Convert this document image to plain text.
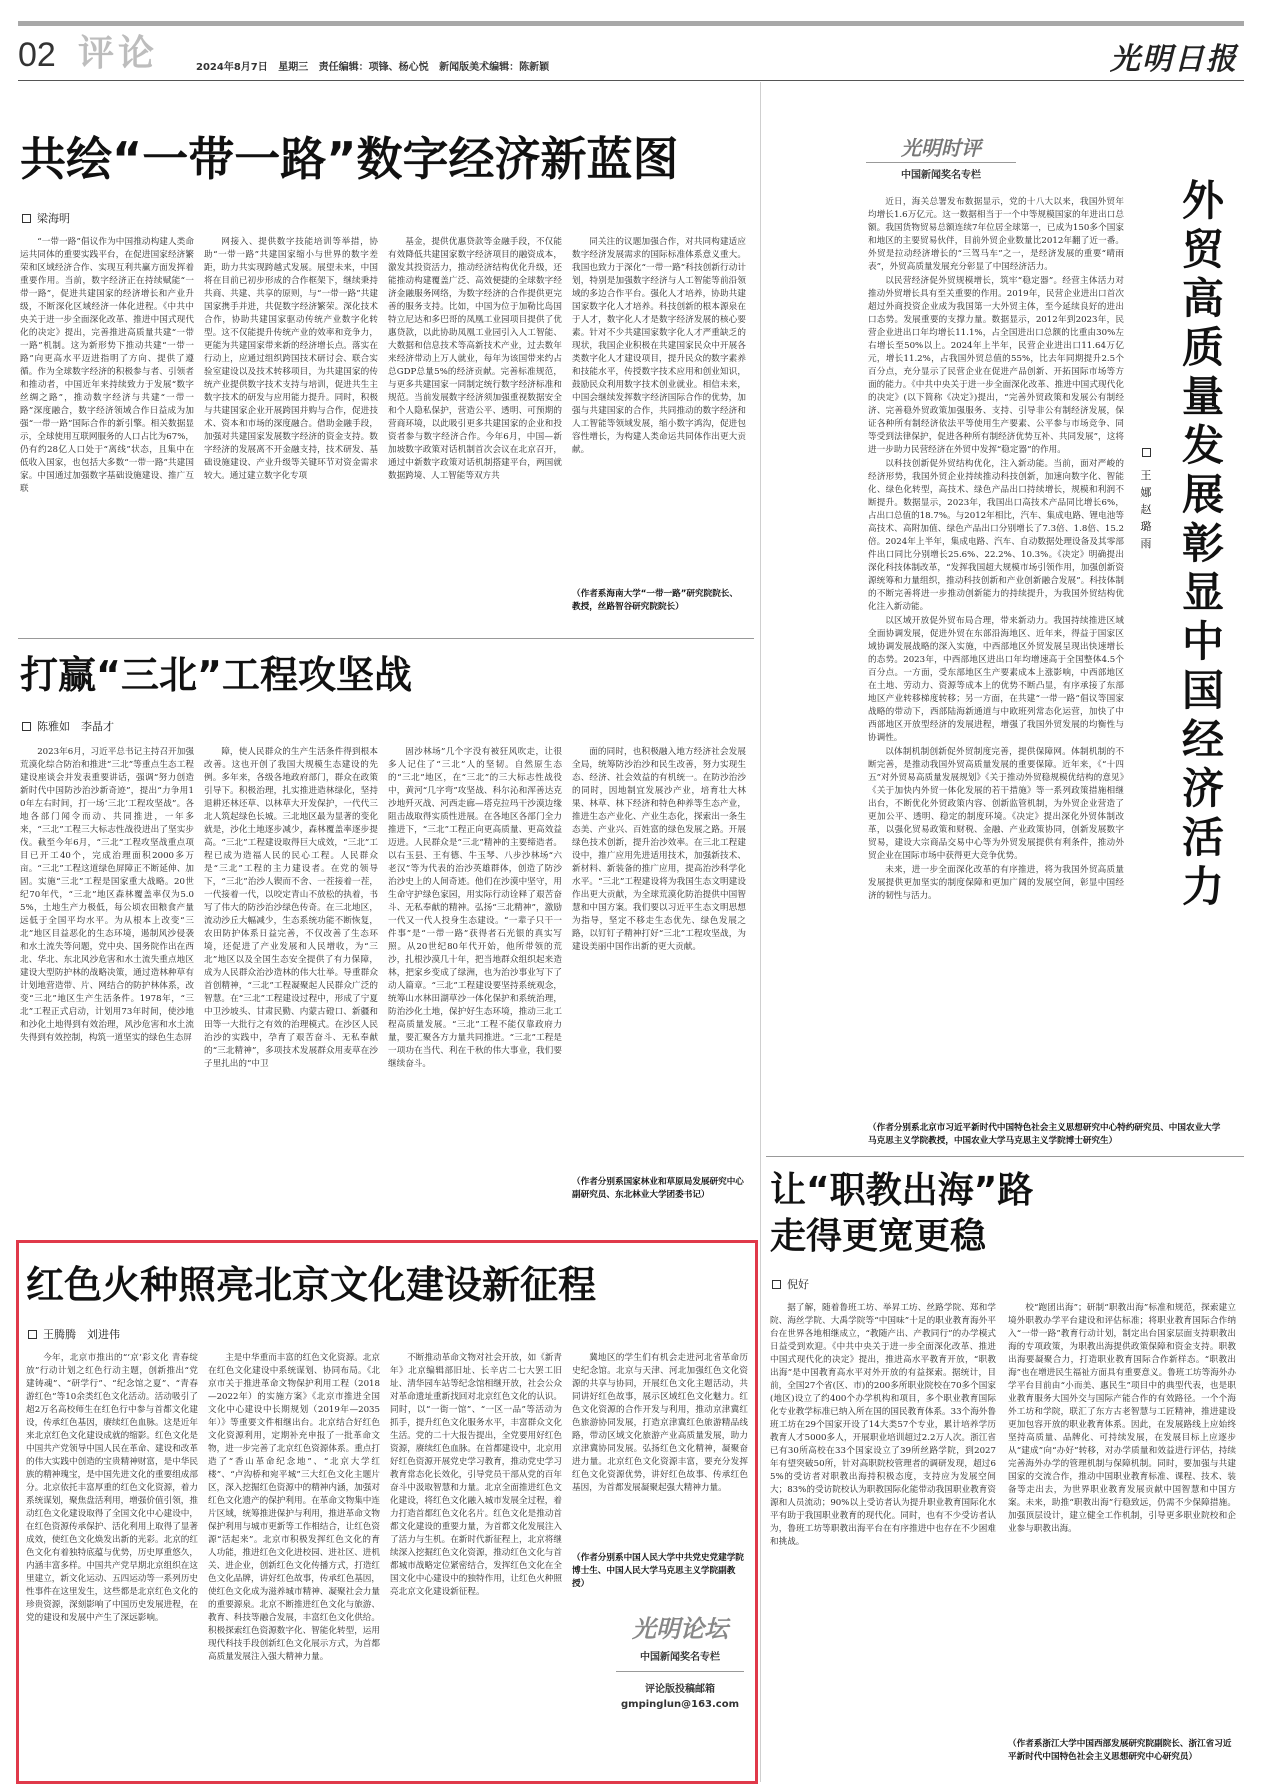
02 评论	2024年8月7日 星期三 责任编辑：项锋、杨心悦 新闻版美术编辑：陈新颖	光明日报
共绘“一带一路”数字经济新蓝图
梁海明

“一带一路”倡议作为中国推动构建人类命运共同体的重要实践平台，在促进国家经济繁荣和区域经济合作、实现互利共赢方面发挥着重要作用。当前，数字经济正在持续赋能“一带一路”，促进共建国家的经济增长和产业升级，不断深化区域经济一体化进程。《中共中央关于进一步全面深化改革、推进中国式现代化的决定》提出，完善推进高质量共建“一带一路”机制。这为新形势下推动共建“一带一路”向更高水平迈进指明了方向、提供了遵循。作为全球数字经济的积极参与者、引领者和推动者，中国近年来持续致力于发展“数字丝绸之路”，推动数字经济与共建“一带一路”深度融合，数字经济领域合作日益成为加强“一带一路”国际合作的新引擎。相关数据显示，全球使用互联网服务的人口占比为67%，仍有约28亿人口处于“离线”状态，且集中在低收入国家，也包括大多数“一带一路”共建国家。中国通过加强数字基础设施建设、推广互联

网接入、提供数字技能培训等举措，协助“一带一路”共建国家缩小与世界的数字差距，助力共实现跨越式发展。展望未来，中国将在目前已初步形成的合作框架下，继续秉持共商、共建、共享的原则，与“一带一路”共建国家携手并进，共促数字经济繁荣。深化技术合作，协助共建国家驱动传统产业数字化转型。这不仅能提升传统产业的效率和竞争力，更能为共建国家带来新的经济增长点。落实在行动上，应通过组织跨国技术研讨会、联合实验室建设以及技术转移项目，为共建国家的传统产业提供数字技术支持与培训，促进共生主数字技术的研发与应用能力提升。同时，积极与共建国家企业开展跨国并购与合作，促进技术、资本和市场的深度融合。借助金融手段，加强对共建国家发展数字经济的资金支持。数字经济的发展离不开金融支持，技术研发、基础设施建设、产业升级等关键环节对资金需求较大。通过建立数字化专项

基金，提供优惠贷款等金融手段，不仅能有效降低共建国家数字经济项目的融资成本，激发其投资活力，推动经济结构优化升级，还能推动构建覆盖广泛、高效便捷的全球数字经济金融服务网络，为数字经济的合作提供更完善的服务支持。比如，中国为位于加勒比岛国特立尼达和多巴哥的凤凰工业园项目提供了优惠贷款，以此协助凤凰工业园引入人工智能、大数据和信息技术等高新技术产业，过去数年来经济带动上万人就业，每年为该国带来约占总GDP总量5%的经济贡献。完善标准规范，与更多共建国家一同制定统行数字经济标准和规范。当前发展数字经济须加强重视数据安全和个人隐私保护，营造公平、透明、可预期的营商环境，以此吸引更多共建国家的企业和投资者参与数字经济合作。今年6月，中国—新加坡数字政策对话机制首次会议在北京召开，通过中新数字政策对话机制搭建平台，两国就数据跨境、人工智能等双方共

同关注的议题加强合作，对共同构建适应数字经济发展需求的国际标准体系意义重大。我国也致力于深化“一带一路”科技创新行动计划，特别是加强数字经济与人工智能等前沿领域的多边合作平台。强化人才培养，协助共建国家数字化人才培养。科技创新的根本源泉在于人才，数字化人才是数字经济发展的核心要素。针对不少共建国家数字化人才严重缺乏的现状，我国企业积极在共建国家民众中开展各类数字化人才建设项目，提升民众的数字素养和技能水平，传授数字技术应用和创业知识，鼓励民众利用数字技术创业就业。相信未来，中国会继续发挥数字经济国际合作的优势，加强与共建国家的合作，共同推动的数字经济和人工智能等领域发展，缩小数字鸿沟，促进包容性增长，为构建人类命运共同体作出更大贡献。

（作者系海南大学“一带一路”研究院院长、教授，丝路智谷研究院院长）
打赢“三北”工程攻坚战
陈雅如　李晶才

2023年6月，习近平总书记主持召开加强荒漠化综合防治和推进“三北”等重点生态工程建设座谈会并发表重要讲话，强调“努力创造新时代中国防沙治沙新奇迹”，提出“力争用10年左右时间，打一场‘三北’工程攻坚战”。各地各部门闻令而动、共同推进，一年多来，“三北”工程三大标志性战役进出了坚实步伐。截至今年6月，“三北”工程攻坚战重点项目已开工40个，完成治理面积2000多万亩。“三北”工程这道绿色屏障正不断延伸、加固。实施“三北”工程是国家重大战略。20世纪70年代，“三北”地区森林覆盖率仅为5.05%，土地生产力极低，每公顷农田粮食产量远低于全国平均水平。为从根本上改变“三北”地区目益恶化的生态环境，遏制风沙侵袭和水土流失等问题，党中央、国务院作出在西北、华北、东北风沙危害和水土流失重点地区建设大型防护林的战略决策，通过造林种草有计划地营造带、片、网结合的防护林体系，改变“三北”地区生产生活条件。1978年，“三北”工程正式启动，计划用73年时间，使沙地和沙化土地得到有效治理，风沙危害和水土流失得到有效控制，构筑一道坚实的绿色生态屏

障，使人民群众的生产生活条件得到根本改善。这也开创了我国大规模生态建设的先例。多年来，各级各地政府部门，群众在政策引导下。积极治理，扎实推进造林绿化，坚持退耕还林还草、以林草大开发保护，一代代三北人筑起绿色长城。三北地区最为显著的变化就是，沙化土地逐步减少，森林覆盖率逐步提高。“三北”工程建设取得巨大成效，“三北”工程已成为造福人民的民心工程。人民群众是“三北”工程的主力建设者。在党的领导下，“三北”治沙人锲而不舍、一茬接着一茬，一代接着一代，以咬定青山不放松的执着，书写了伟大的防沙治沙绿色传奇。在三北地区，流动沙丘大幅减少，生态系统功能不断恢复，农田防护体系日益完善，不仅改善了生态环境，还促进了产业发展和人民增收，为“三北”地区以及全国生态安全提供了有力保障，成为人民群众治沙造林的伟大壮举。导重群众首创精神，“三北”工程凝聚起人民群众广泛的智慧。在“三北”工程建设过程中，形成了宁夏中卫沙坡头、甘肃民勤、内蒙古磴口、新疆和田等一大批行之有效的治理模式。在沙区人民治沙的实践中，孕育了艰苦奋斗、无私奉献的“三北精神”，多项技术发展群众用麦草在沙子里扎出的“中卫

固沙林场”几个字没有被狂风吹走，让很多人记住了“三北”人的坚韧。自然原生态的“三北”地区，在“三北”的三大标志性战役中，黄河“几字弯”攻坚战、科尔沁和浑善达克沙地歼灭战、河西走廊—塔克拉玛干沙漠边缘阻击战取得实质性进展。在各地区各部门全力推进下，“三北”工程正向更高质量、更高效益迈进。人民群众是“三北”精神的主要缔造者。以右玉县、王有德、牛玉琴、八步沙林场“六老汉”等为代表的治沙英雄群体，创造了防沙治沙史上的人间奇迹。他们在沙漠中坚守，用生命守护绿色家园，用实际行动诠释了艰苦奋斗、无私奉献的精神。弘扬“三北精神”，激励一代又一代人投身生态建设。“一辈子只干一件事”是“一带一路”获得者石光银的真实写照。从20世纪80年代开始，他所带领的荒沙，扎根沙漠几十年，把当地群众组织起来造林，把家乡变成了绿洲，也为治沙事业写下了动人篇章。“三北”工程建设要坚持系统观念，统筹山水林田湖草沙一体化保护和系统治理，防治沙化土地，保护好生态环境，推动三北工程高质量发展。“三北”工程不能仅靠政府力量，要汇聚各方力量共同推进。“三北”工程是一项功在当代、利在千秋的伟大事业，我们要继续奋斗。

面的同时，也积极融入地方经济社会发展全局，统筹防沙治沙和民生改善，努力实现生态、经济、社会效益的有机统一。在防沙治沙的同时，因地制宜发展沙产业，培育壮大林果、林草、林下经济和特色种养等生态产业，推进生态产业化、产业生态化，探索出一条生态美、产业兴、百姓富的绿色发展之路。开展绿色技术创新，提升治沙效率。在三北工程建设中，推广应用先进适用技术，加强新技术、新材料、新装备的推广应用，提高治沙科学化水平。“三北”工程建设将为我国生态文明建设作出更大贡献，为全球荒漠化防治提供中国智慧和中国方案。我们要以习近平生态文明思想为指导，坚定不移走生态优先、绿色发展之路，以钉钉子精神打好“三北”工程攻坚战，为建设美丽中国作出新的更大贡献。

（作者分别系国家林业和草原局发展研究中心副研究员、东北林业大学团委书记）
红色火种照亮北京文化建设新征程
王腾腾　刘进伟

今年，北京市推出的“‘京’彩文化 青春绽放”行动计划之红色行动主题，创新推出“党建铸魂”、“研学行”、“纪念馆之夏”、“青春游红色”等10余类红色文化活动。活动吸引了超2万名高校师生在红色行中参与首都文化建设，传承红色基因，赓续红色血脉。这是近年来北京红色文化建设成就的缩影。红色文化是中国共产党领导中国人民在革命、建设和改革的伟大实践中创造的宝贵精神财富，是中华民族的精神瑰宝，是中国先进文化的重要组成部分。北京依托丰富厚重的红色文化资源，着力系统谋划，聚焦盘活利用，增强价值引领，推动红色文化建设取得了全国文化中心建设中，在红色资源传承保护、活化利用上取得了显著成效，使红色文化焕发出新的光彩。北京的红色文化有着独特底蕴与优势，历史厚重悠久，内涵丰富多样。中国共产党早期北京组织在这里建立，新文化运动、五四运动等一系列历史性事件在这里发生，这些都是北京红色文化的珍贵资源，深刻影响了中国历史发展进程，在党的建设和发展中产生了深远影响。

主是中华重而丰富的红色文化资源。北京在红色文化建设中系统谋划、协同布局。《北京市关于推进革命文物保护利用工程（2018—2022年）的实施方案》《北京市推进全国文化中心建设中长期规划（2019年—2035年）》等重要文件相继出台。北京结合好红色文化资源利用，定期补充申报了一批革命文物，进一步完善了北京红色资源体系。重点打造了“香山革命纪念地”、“北京大学红楼”、“卢沟桥和宛平城”三大红色文化主题片区，深入挖掘红色资源中的精神内涵，加强对红色文化遗产的保护利用。在革命文物集中连片区域，统筹推进保护与利用，推进革命文物保护利用与城市更新等工作相结合，让红色资源“活起来”。北京市积极发挥红色文化的育人功能，推进红色文化进校园、进社区、进机关、进企业，创新红色文化传播方式，打造红色文化品牌，讲好红色故事，传承红色基因，使红色文化成为滋养城市精神、凝聚社会力量的重要源泉。北京不断推进红色文化与旅游、教育、科技等融合发展，丰富红色文化供给。积极探索红色资源数字化、智能化转型，运用现代科技手段创新红色文化展示方式，为首都高质量发展注入强大精神力量。

不断推动革命文物对社会开放，如《新青年》北京编辑部旧址、长辛店二七大罢工旧址、清华园车站等纪念馆相继开放，社会公众对革命遗址重新找回对北京红色文化的认识。同时，以“一街一馆”、“一区一品”等活动为抓手，提升红色文化服务水平，丰富群众文化生活。党的二十大报告提出，全党要用好红色资源，赓续红色血脉。在首都建设中，北京用好红色资源开展党史学习教育，推动党史学习教育常态化长效化，引导党员干部从党的百年奋斗中汲取智慧和力量。北京全面推进红色文化建设，将红色文化融入城市发展全过程，着力打造首都红色文化名片。红色文化是推动首都文化建设的重要力量，为首都文化发展注入了活力与生机。在新时代新征程上，北京将继续深入挖掘红色文化资源，推动红色文化与首都城市战略定位紧密结合，发挥红色文化在全国文化中心建设中的独特作用，让红色火种照亮北京文化建设新征程。

冀地区的学生们有机会走进河北省革命历史纪念馆。北京与天津、河北加强红色文化资源的共享与协同，开展红色文化主题活动，共同讲好红色故事，展示区域红色文化魅力。红色文化资源的合作开发与利用，推动京津冀红色旅游协同发展，打造京津冀红色旅游精品线路，带动区域文化旅游产业高质量发展，助力京津冀协同发展。弘扬红色文化精神，凝聚奋进力量。北京红色文化资源丰富，要充分发挥红色文化资源优势，讲好红色故事、传承红色基因，为首都发展凝聚起强大精神力量。

（作者分别系中国人民大学中共党史党建学院博士生、中国人民大学马克思主义学院副教授）
光明论坛
中国新闻奖名专栏
评论版投稿邮箱
gmpinglun@163.com
光明时评
中国新闻奖名专栏
外贸高质量发展彰显中国经济活力
王娜　赵璐雨

近日，海关总署发布数据显示，党的十八大以来，我国外贸年均增长1.6万亿元。这一数据相当于一个中等规模国家的年进出口总额。我国货物贸易总额连续7年位居全球第一，已成为150多个国家和地区的主要贸易伙伴，目前外贸企业数量比2012年翻了近一番。外贸是拉动经济增长的“三驾马车”之一，是经济发展的重要“晴雨表”，外贸高质量发展充分彰显了中国经济活力。

以民营经济促外贸规模增长，筑牢“稳定器”。经营主体活力对推动外贸增长具有至关重要的作用。2019年，民营企业进出口首次超过外商投资企业成为我国第一大外贸主体，至今延续良好的进出口态势。发展重要的支撑力量。数据显示，2012年到2023年，民营企业进出口年均增长11.1%，占全国进出口总额的比重由30%左右增长至50%以上。2024年上半年，民营企业进出口11.64万亿元，增长11.2%，占我国外贸总值的55%，比去年同期提升2.5个百分点，充分显示了民营企业在促进产品创新、开拓国际市场等方面的能力。《中共中央关于进一步全面深化改革、推进中国式现代化的决定》(以下简称《决定》)提出，“完善外贸政策和发展公有制经济、完善稳外贸政策加强服务、支持、引导非公有制经济发展，保证各种所有制经济依法平等使用生产要素、公平参与市场竞争、同等受到法律保护，促进各种所有制经济优势互补、共同发展”，这将进一步助力民营经济在外贸中发挥“稳定器”的作用。

以科技创新促外贸结构优化，注入新动能。当前，面对严峻的经济形势，我国外贸企业持续推动科技创新，加速向数字化、智能化、绿色化转型，高技术、绿色产品出口持续增长，规模和利润不断提升。数据显示，2023年，我国出口高技术产品同比增长6%，占出口总值的18.7%。与2012年相比，汽车、集成电路、锂电池等高技术、高附加值、绿色产品出口分别增长了7.3倍、1.8倍、15.2倍。2024年上半年，集成电路、汽车、自动数据处理设备及其零部件出口同比分别增长25.6%、22.2%、10.3%。《决定》明确提出深化科技体制改革，“发挥我国超大规模市场引领作用，加强创新资源统筹和力量组织，推动科技创新和产业创新融合发展”。科技体制的不断完善将进一步推动创新能力的持续提升，为我国外贸结构优化注入新动能。

以区域开放促外贸布局合理，带来新动力。我国持续推进区域全面协调发展，促进外贸在东部沿海地区、近年来，得益于国家区域协调发展战略的深入实施，中西部地区外贸发展呈现出快速增长的态势。2023年，中西部地区进出口年均增速高于全国整体4.5个百分点。一方面，受东部地区生产要素成本上涨影响，中西部地区在土地、劳动力、资源等成本上的优势不断凸显，有序承接了东部地区产业转移梯度转移；另一方面，在共建“一带一路”倡议等国家战略的带动下，西部陆海新通道与中欧班列常态化运营，加快了中西部地区开放型经济的发展进程，增强了我国外贸发展的均衡性与协调性。

以体制机制创新促外贸制度完善，提供保障网。体制机制的不断完善，是推动我国外贸高质量发展的重要保障。近年来，《“十四五”对外贸易高质量发展规划》《关于推动外贸稳规模优结构的意见》《关于加快内外贸一体化发展的若干措施》等一系列政策措施相继出台，不断优化外贸政策内容、创新监管机制，为外贸企业营造了更加公平、透明、稳定的制度环境。《决定》提出深化外贸体制改革，以强化贸易政策和财税、金融、产业政策协同，创新发展数字贸易，建设大宗商品交易中心等为外贸发展提供有利条件，推动外贸企业在国际市场中获得更大竞争优势。

未来，进一步全面深化改革的有序推进，将为我国外贸高质量发展提供更加坚实的制度保障和更加广阔的发展空间，彰显中国经济的韧性与活力。

（作者分别系北京市习近平新时代中国特色社会主义思想研究中心特约研究员、中国农业大学马克思主义学院教授，中国农业大学马克思主义学院博士研究生）
让“职教出海”路
走得更宽更稳
倪好

据了解，随着鲁班工坊、举昇工坊、丝路学院、郑和学院、海丝学院、大禹学院等“中国味”十足的职业教育海外平台在世界各地相继成立，“教随产出、产教同行”的办学模式日益受到欢迎。《中共中央关于进一步全面深化改革、推进中国式现代化的决定》提出，推进高水平教育开放，“职教出海”是中国教育高水平对外开放的有益探索。据统计，目前，全国27个省(区、市)的200多所职业院校在70多个国家(地区)设立了约400个办学机构和项目，多个职业教育国际化专业教学标准已纳入所在国的国民教育体系。33个海外鲁班工坊在29个国家开设了14大类57个专业，累计培养学历教育人才5000多人，开展职业培训超过2.2万人次。浙江省已有30所高校在33个国家设立了39所丝路学院，到2027年有望突破50所，针对高职院校管理者的调研发现，超过65%的受访者对职教出海持积极态度，支持应为发展空间大；83%的受访院校认为职教国际化能带动我国职业教育资源和人员流动；90%以上受访者认为提升职业教育国际化水平有助于我国职业教育的现代化。同时，也有不少受访者认为，鲁班工坊等职教出海平台在有序推进中也存在不少困难和挑战。

校“跑团出海”；研制“职教出海”标准和规范，探索建立境外职教办学平台建设和评估标准；将职业教育国际合作纳入“一带一路”教育行动计划，制定出台国家层面支持职教出海的专项政策，为职教出海提供政策保障和资金支持。职教出海要凝聚合力，打造职业教育国际合作新样态。“职教出海”也在增进民生福祉方面具有重要意义。鲁班工坊等海外办学平台目前由“小而美、惠民生”项目中的典型代表，也是职业教育服务大国外交与国际产能合作的有效路径。一个个海外工坊和学院，联汇了东方古老智慧与工匠精神，推进建设更加包容开放的职业教育体系。因此，在发展路线上应始终坚持高质量、品牌化、可持续发展，在发展目标上应逐步从“建成”向“办好”转移，对办学质量和效益进行评估，持续完善海外办学的管理机制与保障机制。同时，要加强与共建国家的交流合作，推动中国职业教育标准、课程、技术、装备等走出去，为世界职业教育发展贡献中国智慧和中国方案。未来，助推“职教出海”行稳致远，仍需不少保障措施。加强顶层设计，建立健全工作机制，引导更多职业院校和企业参与职教出海。

（作者系浙江大学中国西部发展研究院副院长、浙江省习近平新时代中国特色社会主义思想研究中心研究员）
